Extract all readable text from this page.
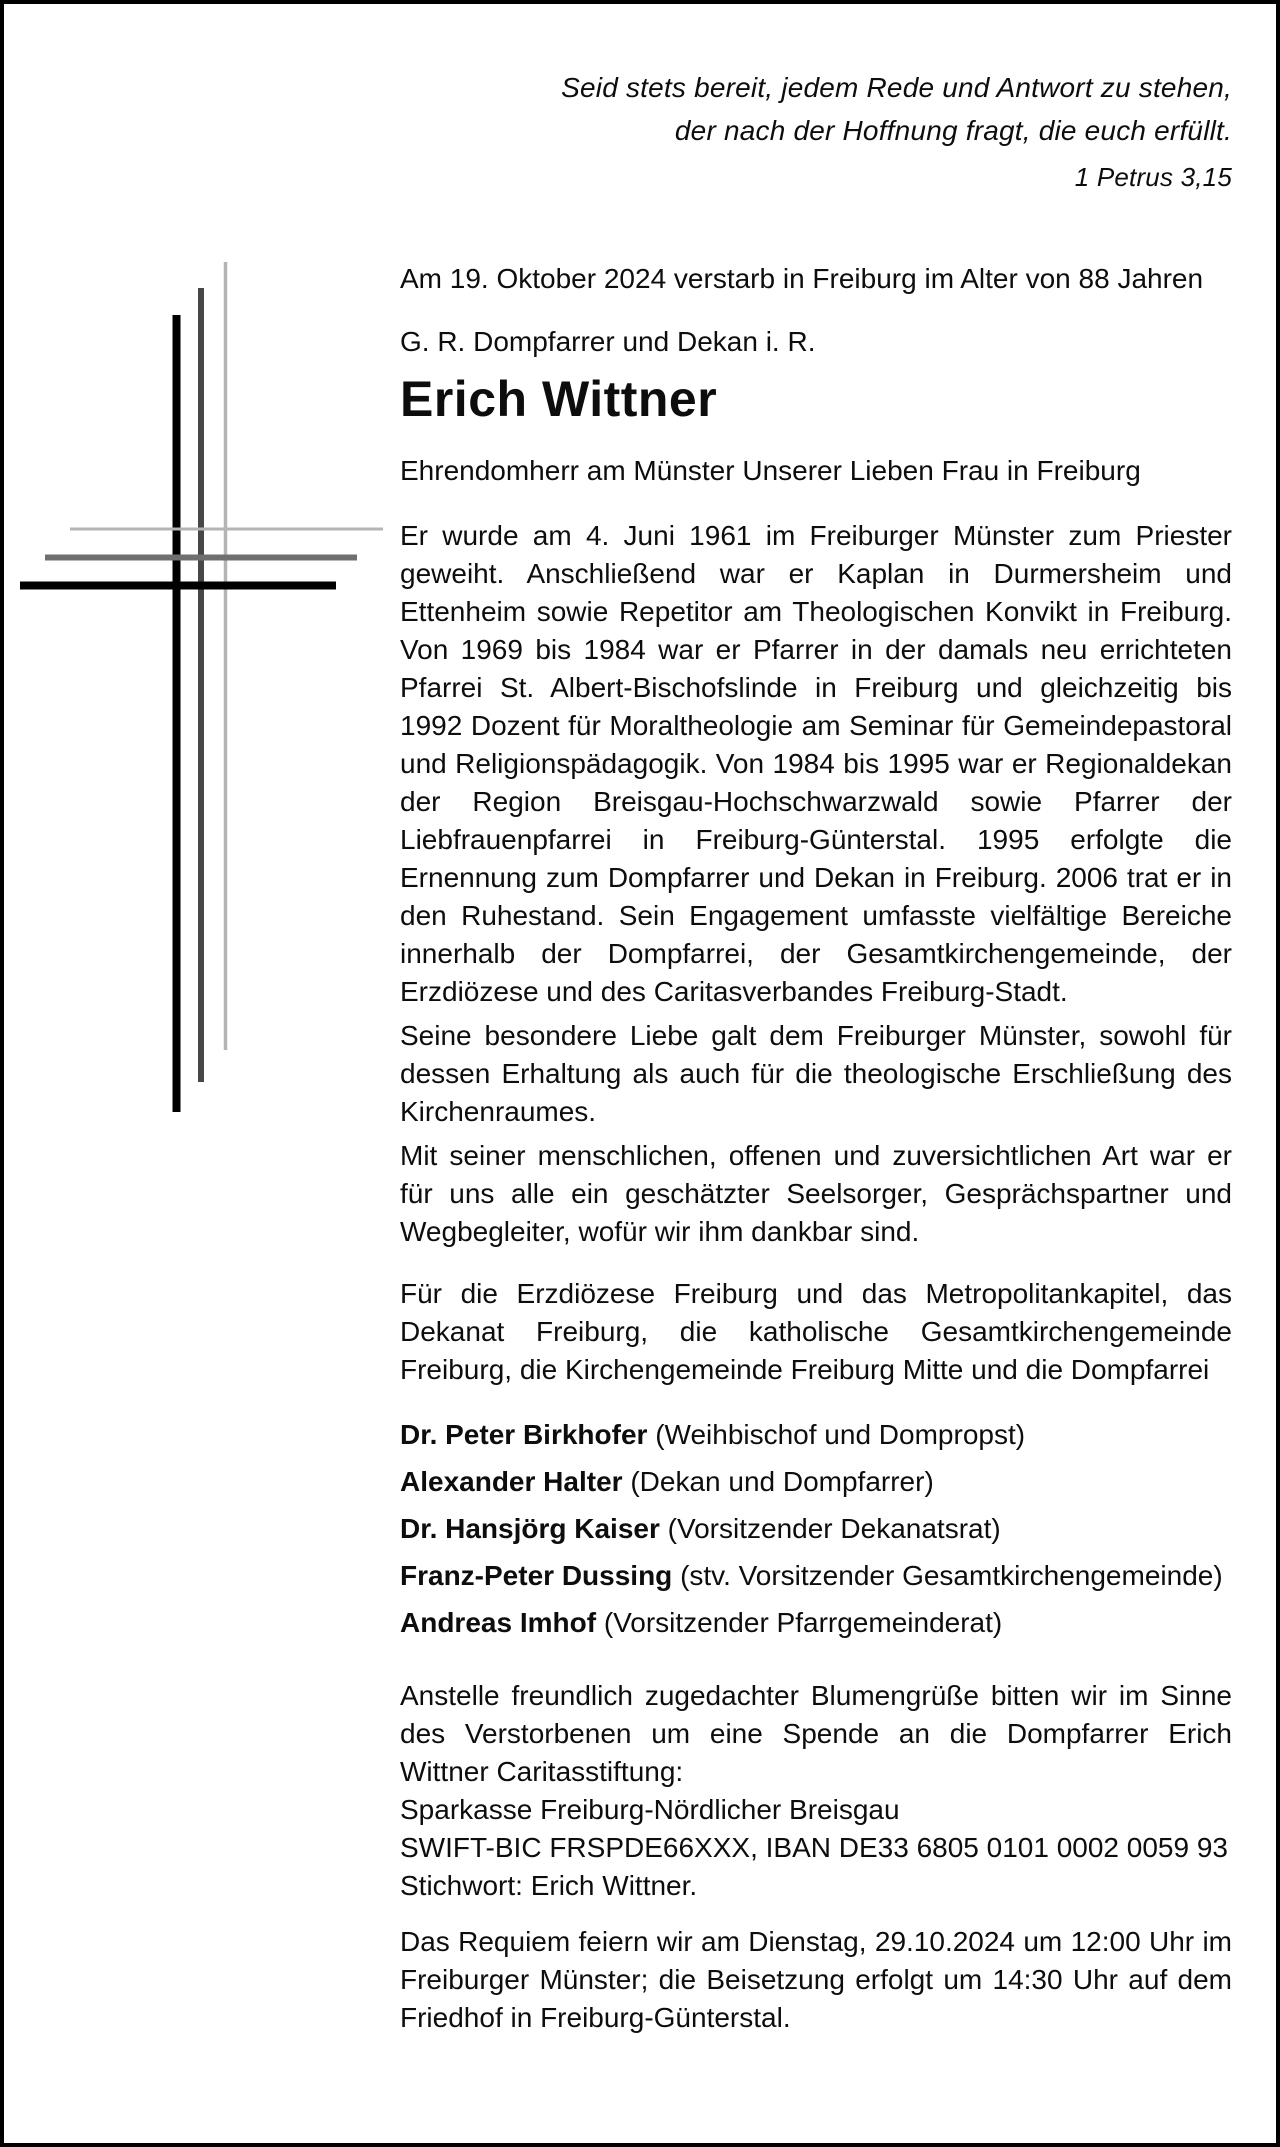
Seid stets bereit, jedem Rede und Antwort zu stehen,
der nach der Hoffnung fragt, die euch erfüllt.
1 Petrus 3,15
Am 19. Oktober 2024 verstarb in Freiburg im Alter von 88 Jahren
G. R. Dompfarrer und Dekan i. R.
Erich Wittner
Ehrendomherr am Münster Unserer Lieben Frau in Freiburg

Er wurde am 4. Juni 1961 im Freiburger Münster zum Priester geweiht. Anschließend war er Kaplan in Durmersheim und Ettenheim sowie Repetitor am Theologischen Konvikt in Freiburg. Von 1969 bis 1984 war er Pfarrer in der damals neu errichteten Pfarrei St. Albert-Bischofslinde in Freiburg und gleichzeitig bis 1992 Dozent für Moraltheologie am Seminar für Gemeindepastoral und Religionspädagogik. Von 1984 bis 1995 war er Regionaldekan der Region Breisgau-Hochschwarzwald sowie Pfarrer der Liebfrauenpfarrei in Freiburg-Günterstal. 1995 erfolgte die Ernennung zum Dompfarrer und Dekan in Freiburg. 2006 trat er in den Ruhestand. Sein Engagement umfasste vielfältige Bereiche innerhalb der Dompfarrei, der Gesamtkirchengemeinde, der Erzdiözese und des Caritasverbandes Freiburg-Stadt.

Seine besondere Liebe galt dem Freiburger Münster, sowohl für dessen Erhaltung als auch für die theologische Erschließung des Kirchenraumes.

Mit seiner menschlichen, offenen und zuversichtlichen Art war er für uns alle ein geschätzter Seelsorger, Gesprächspartner und Wegbegleiter, wofür wir ihm dankbar sind.

Für die Erzdiözese Freiburg und das Metropolitankapitel, das Dekanat Freiburg, die katholische Gesamtkirchengemeinde Freiburg, die Kirchengemeinde Freiburg Mitte und die Dompfarrei

Dr. Peter Birkhofer (Weihbischof und Dompropst)
Alexander Halter (Dekan und Dompfarrer)
Dr. Hansjörg Kaiser (Vorsitzender Dekanatsrat)
Franz-Peter Dussing (stv. Vorsitzender Gesamtkirchengemeinde)
Andreas Imhof (Vorsitzender Pfarrgemeinderat)

Anstelle freundlich zugedachter Blumengrüße bitten wir im Sinne des Verstorbenen um eine Spende an die Dompfarrer Erich Wittner Caritasstiftung:

Sparkasse Freiburg-Nördlicher Breisgau
SWIFT-BIC FRSPDE66XXX, IBAN DE33 6805 0101 0002 0059 93
Stichwort: Erich Wittner.

Das Requiem feiern wir am Dienstag, 29.10.2024 um 12:00 Uhr im Freiburger Münster; die Beisetzung erfolgt um 14:30 Uhr auf dem Friedhof in Freiburg-Günterstal.
